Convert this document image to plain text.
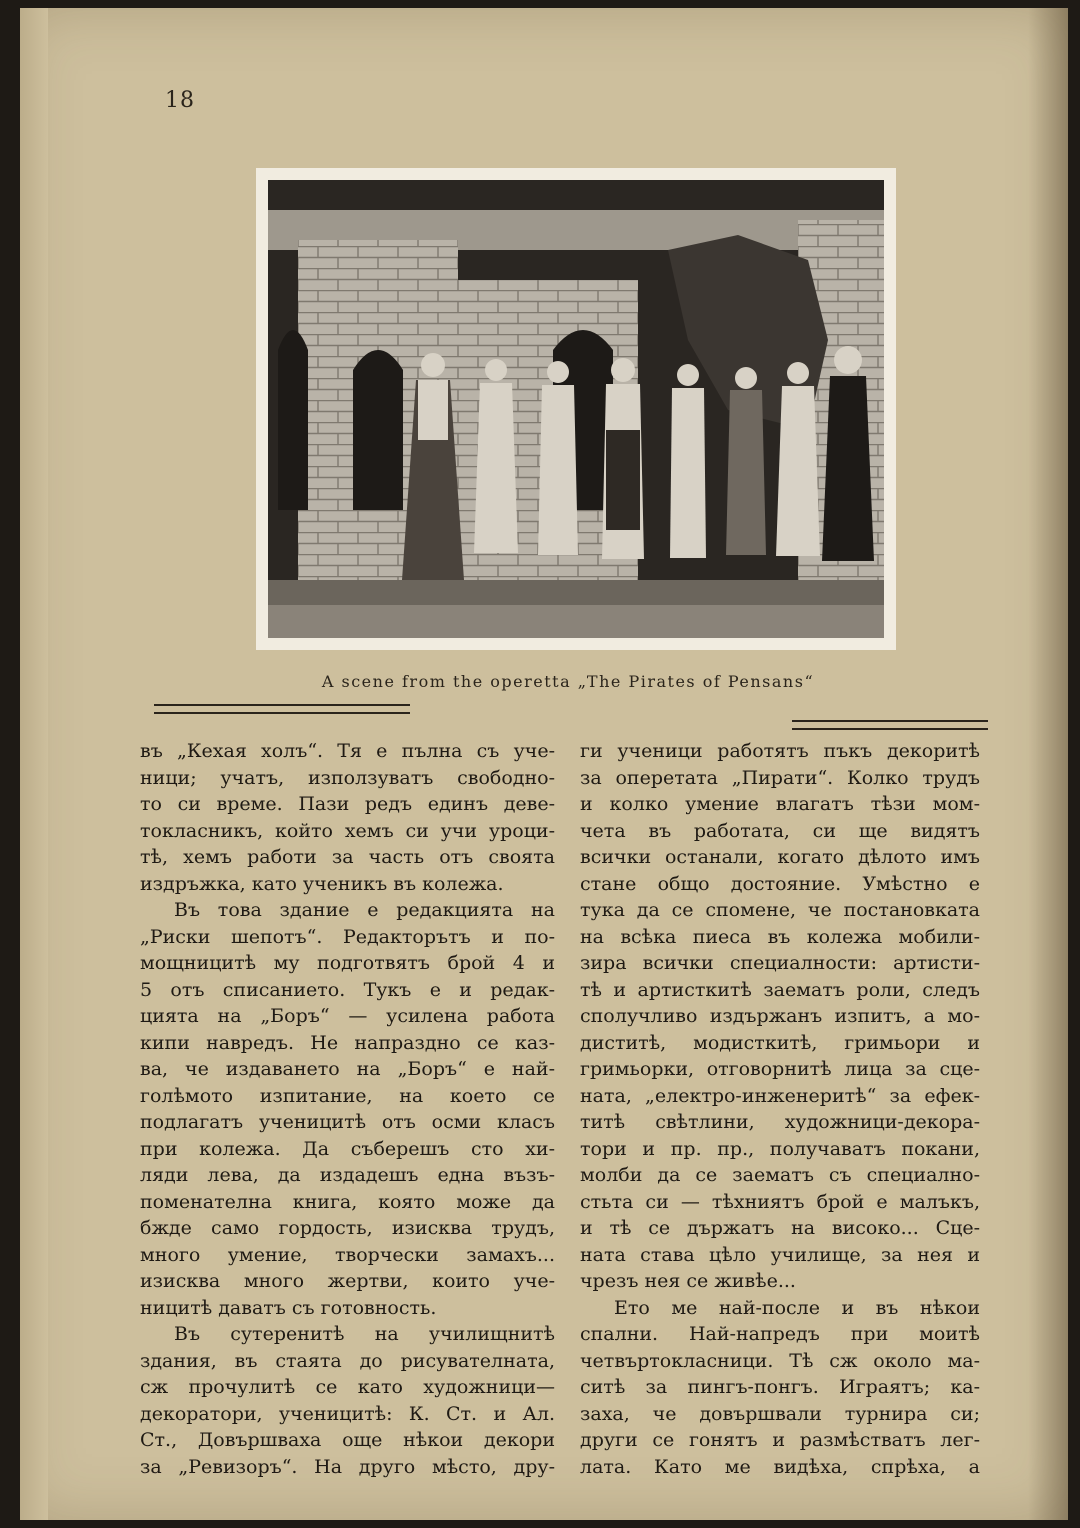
18
A scene from the operetta „The Pirates of Pensans“
въ „Кехая холъ“. Тя е пълна съ уче-
ници; учатъ, използуватъ свободно-
то си време. Пази редъ единъ деве-
токласникъ, който хемъ си учи уроци-
тѣ, хемъ работи за часть отъ своята
издръжка, като ученикъ въ колежа.
Въ това здание е редакцията на
„Риски шепотъ“. Редакторътъ и по-
мощницитѣ му подготвятъ брой 4 и
5 отъ списанието. Тукъ е и редак-
цията на „Боръ“ — усилена работа
кипи навредъ. Не напраздно се каз-
ва, че издаването на „Боръ“ е най-
голѣмото изпитание, на което се
подлагатъ ученицитѣ отъ осми класъ
при колежа. Да съберешъ сто хи-
ляди лева, да издадешъ една възъ-
поменателна книга, която може да
бжде само гордость, изисква трудъ,
много умение, творчески замахъ...
изисква много жертви, които уче-
ницитѣ даватъ съ готовность.
Въ сутеренитѣ на училищнитѣ
здания, въ стаята до рисувателната,
сж прочулитѣ се като художници—
декоратори, ученицитѣ: К. Ст. и Ал.
Ст., Довършваха още нѣкои декори
за „Ревизоръ“. На друго мѣсто, дру-
ги ученици работятъ пъкъ декоритѣ
за оперетата „Пирати“. Колко трудъ
и колко умение влагатъ тѣзи мом-
чета въ работата, си ще видятъ
всички останали, когато дѣлото имъ
стане общо достояние. Умѣстно е
тука да се спомене, че постановката
на всѣка пиеса въ колежа мобили-
зира всички специалности: артисти-
тѣ и артисткитѣ заематъ роли, следъ
сполучливо издържанъ изпитъ, а мо-
диститѣ, модисткитѣ, гримьори и
гримьорки, отговорнитѣ лица за сце-
ната, „електро-инженеритѣ“ за ефек-
титѣ свѣтлини, художници-декора-
тори и пр. пр., получаватъ покани,
молби да се заематъ съ специално-
стьта си — тѣхниятъ брой е малъкъ,
и тѣ се държатъ на високо... Сце-
ната става цѣло училище, за нея и
чрезъ нея се живѣе...
Ето ме най-после и въ нѣкои
спални. Най-напредъ при моитѣ
четвъртокласници. Тѣ сж около ма-
ситѣ за пингъ-понгъ. Играятъ; ка-
заха, че довършвали турнира си;
други се гонятъ и размѣстватъ лег-
лата. Като ме видѣха, спрѣха, а
